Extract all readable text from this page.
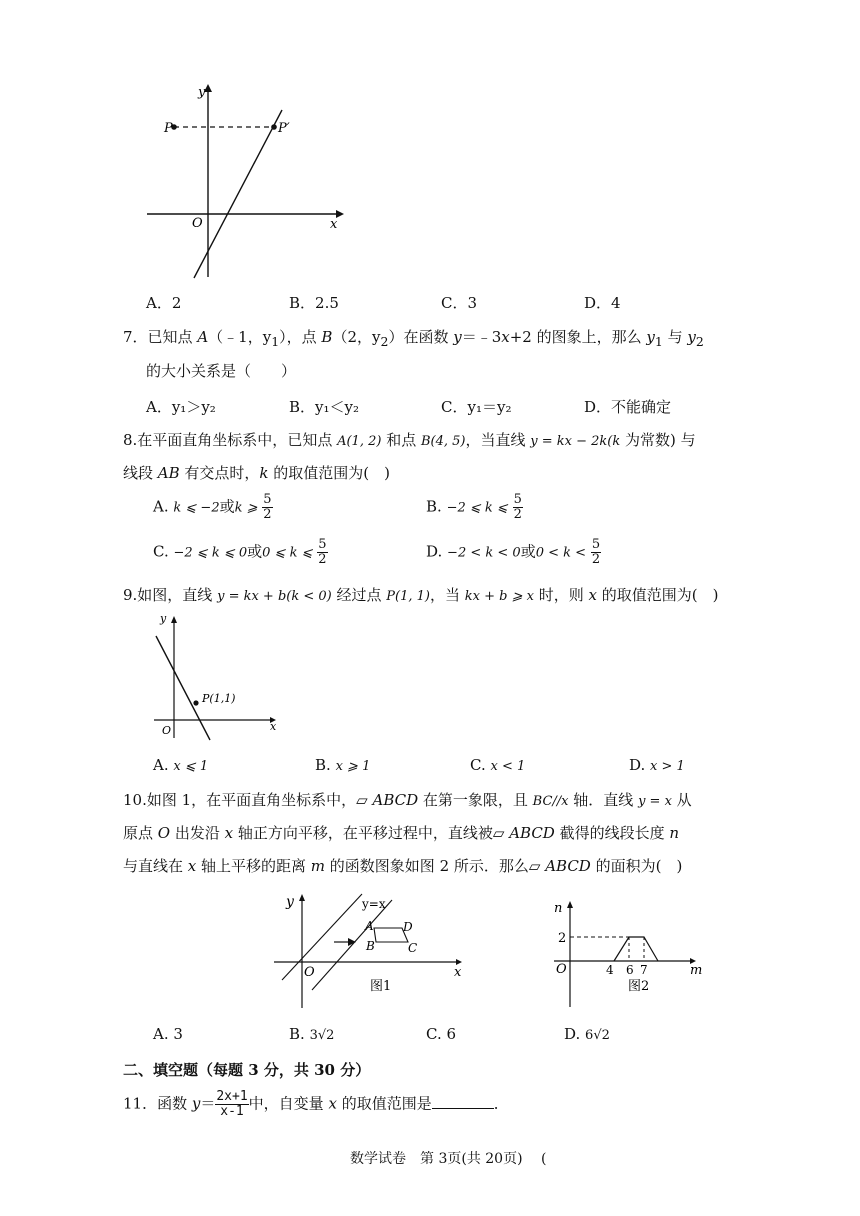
y
x
O
P	P′
A．2	B．2.5	C．3	D．4
7．已知点 A（﹣1，$y_1$），点 B（2，$y_2$）在函数 y＝﹣3x+2 的图象上，那么 $y_1$ 与 $y_2$
的大小关系是（　　）
A．y₁＞y₂	B．y₁＜y₂	C．y₁＝y₂	D．不能确定
8.在平面直角坐标系中，已知点 A(1, 2) 和点 B(4, 5)，当直线 y = kx − 2k(k 为常数) 与
线段 AB 有交点时，k 的取值范围为(　)
A. k ⩽ −2或k ⩾ $\frac{5}{2}$	B. −2 ⩽ k ⩽ $\frac{5}{2}$
C. −2 ⩽ k ⩽ 0或0 ⩽ k ⩽ $\frac{5}{2}$	D. −2 < k < 0或$0 < k < \frac{5}{2}$
9.如图，直线 y = kx + b(k < 0) 经过点 P(1, 1)，当 kx + b ⩾ x 时，则 x 的取值范围为(　)
y
x
O
P(1,1)
A. x ⩽ 1	B. x ⩾ 1	C. x < 1	D. x > 1
10.如图 1，在平面直角坐标系中，▱ ABCD 在第一象限，且 BC//x 轴．直线 y = x 从
原点 O 出发沿 x 轴正方向平移，在平移过程中，直线被▱ ABCD 截得的线段长度 n
与直线在 x 轴上平移的距离 m 的函数图象如图 2 所示．那么▱ ABCD 的面积为(　)
y
x
O
y=x
A D
B	C
图1
n
m
O
2
4 6 7
图2
A. 3	B. 3√2	C. 6	D. 6√2
二、填空题（每题 3 分，共 30 分）
11．函数 $y= \frac{2x+1}{x-1}$ 中，自变量 x 的取值范围是	．
数学试卷　第 3页(共 20页)　 (
